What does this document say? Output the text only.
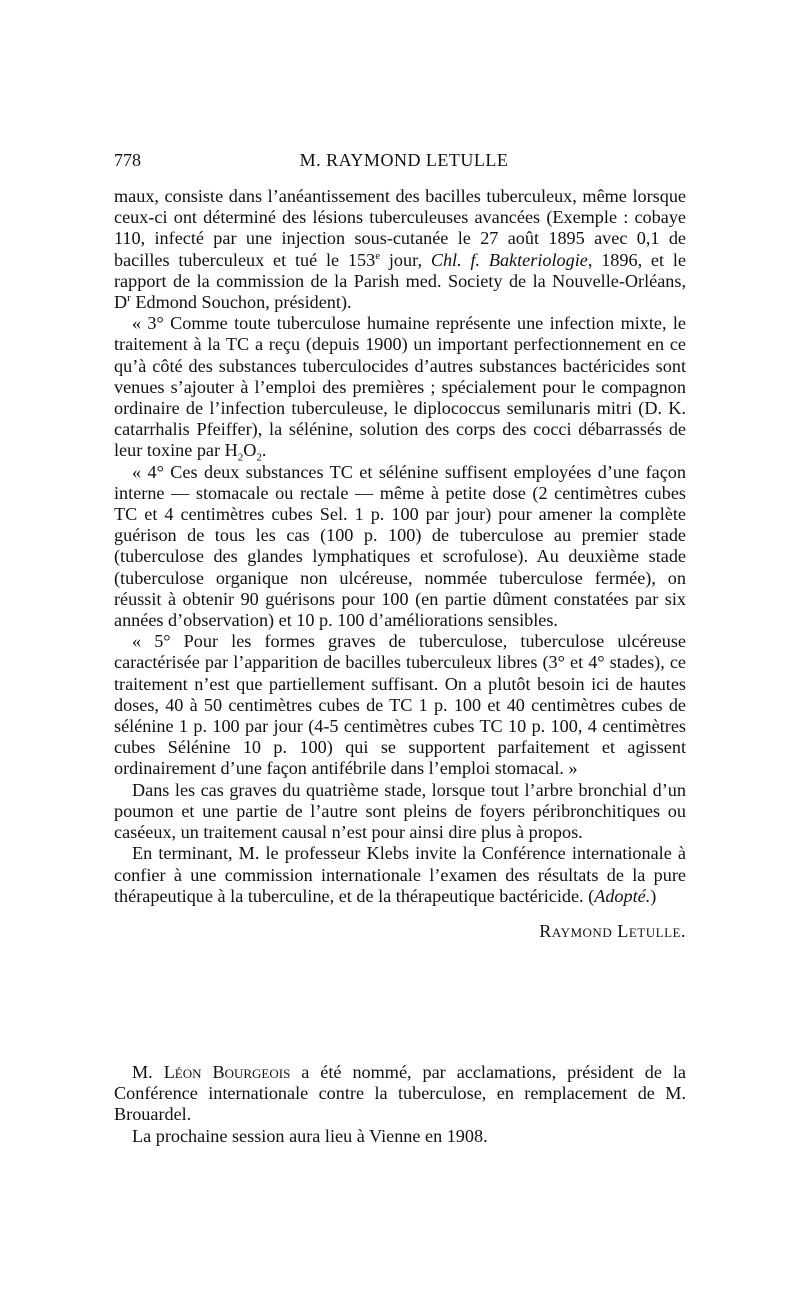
778	M. RAYMOND LETULLE

maux, consiste dans l’anéantissement des bacilles tuberculeux, même lorsque ceux-ci ont déterminé des lésions tuberculeuses avancées (Exemple : cobaye 110, infecté par une injection sous-cutanée le 27 août 1895 avec 0,1 de bacilles tuberculeux et tué le 153e jour, Chl. f. Bakteriologie, 1896, et le rapport de la commission de la Parish med. Society de la Nouvelle-Orléans, $D^r$ Edmond Souchon, président).

« 3° Comme toute tuberculose humaine représente une infection mixte, le traitement à la TC a reçu (depuis 1900) un important perfectionnement en ce qu’à côté des substances tuberculocides d’autres substances bactéricides sont venues s’ajouter à l’emploi des premières ; spécialement pour le compagnon ordinaire de l’infection tuberculeuse, le diplococcus semilunaris mitri (D. K. catarrhalis Pfeiffer), la sélénine, solution des corps des cocci débarrassés de leur toxine par $H_2O_2$.

« 4° Ces deux substances TC et sélénine suffisent employées d’une façon interne — stomacale ou rectale — même à petite dose (2 centimètres cubes TC et 4 centimètres cubes Sel. 1 p. 100 par jour) pour amener la complète guérison de tous les cas (100 p. 100) de tuberculose au premier stade (tuberculose des glandes lymphatiques et scrofulose). Au deuxième stade (tuberculose organique non ulcéreuse, nommée tuberculose fermée), on réussit à obtenir 90 guérisons pour 100 (en partie dûment constatées par six années d’observation) et 10 p. 100 d’améliorations sensibles.

« 5° Pour les formes graves de tuberculose, tuberculose ulcéreuse caractérisée par l’apparition de bacilles tuberculeux libres (3° et 4° stades), ce traitement n’est que partiellement suffisant. On a plutôt besoin ici de hautes doses, 40 à 50 centimètres cubes de TC 1 p. 100 et 40 centimètres cubes de sélénine 1 p. 100 par jour (4-5 centimètres cubes TC 10 p. 100, 4 centimètres cubes Sélénine 10 p. 100) qui se supportent parfaitement et agissent ordinairement d’une façon antifébrile dans l’emploi stomacal. »

Dans les cas graves du quatrième stade, lorsque tout l’arbre bronchial d’un poumon et une partie de l’autre sont pleins de foyers péribronchitiques ou caséeux, un traitement causal n’est pour ainsi dire plus à propos.

En terminant, M. le professeur Klebs invite la Conférence internationale à confier à une commission internationale l’examen des résultats de la pure thérapeutique à la tuberculine, et de la thérapeutique bactéricide. (Adopté.)

Raymond Letulle.

M. Léon Bourgeois a été nommé, par acclamations, président de la Conférence internationale contre la tuberculose, en remplacement de M. Brouardel.

La prochaine session aura lieu à Vienne en 1908.
